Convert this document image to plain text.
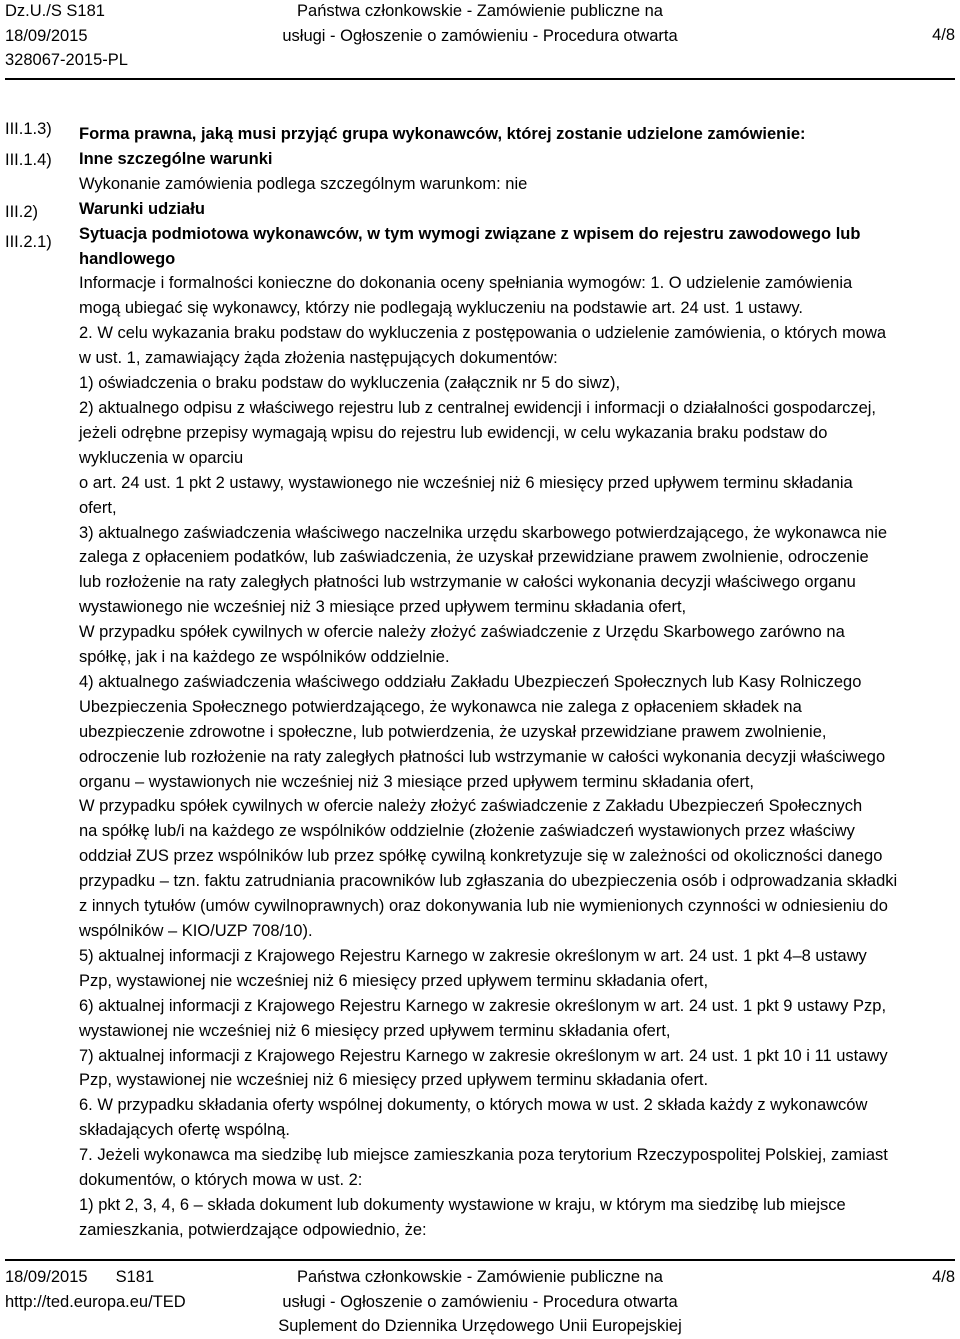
Dz.U./S S181
18/09/2015
328067-2015-PL
Państwa członkowskie - Zamówienie publiczne na
usługi - Ogłoszenie o zamówieniu - Procedura otwarta	4/8
III.1.3)
III.1.4)
III.2)
III.2.1)
Forma prawna, jaką musi przyjąć grupa wykonawców, której zostanie udzielone zamówienie:
Inne szczególne warunki
Wykonanie zamówienia podlega szczególnym warunkom: nie
Warunki udziału
Sytuacja podmiotowa wykonawców, w tym wymogi związane z wpisem do rejestru zawodowego lub
handlowego
Informacje i formalności konieczne do dokonania oceny spełniania wymogów: 1. O udzielenie zamówienia
mogą ubiegać się wykonawcy, którzy nie podlegają wykluczeniu na podstawie art. 24 ust. 1 ustawy.
2. W celu wykazania braku podstaw do wykluczenia z postępowania o udzielenie zamówienia, o których mowa
w ust. 1, zamawiający żąda złożenia następujących dokumentów:
1) oświadczenia o braku podstaw do wykluczenia (załącznik nr 5 do siwz),
2) aktualnego odpisu z właściwego rejestru lub z centralnej ewidencji i informacji o działalności gospodarczej,
jeżeli odrębne przepisy wymagają wpisu do rejestru lub ewidencji, w celu wykazania braku podstaw do
wykluczenia w oparciu
o art. 24 ust. 1 pkt 2 ustawy, wystawionego nie wcześniej niż 6 miesięcy przed upływem terminu składania
ofert,
3) aktualnego zaświadczenia właściwego naczelnika urzędu skarbowego potwierdzającego, że wykonawca nie
zalega z opłaceniem podatków, lub zaświadczenia, że uzyskał przewidziane prawem zwolnienie, odroczenie
lub rozłożenie na raty zaległych płatności lub wstrzymanie w całości wykonania decyzji właściwego organu
wystawionego nie wcześniej niż 3 miesiące przed upływem terminu składania ofert,
W przypadku spółek cywilnych w ofercie należy złożyć zaświadczenie z Urzędu Skarbowego zarówno na
spółkę, jak i na każdego ze wspólników oddzielnie.
4) aktualnego zaświadczenia właściwego oddziału Zakładu Ubezpieczeń Społecznych lub Kasy Rolniczego
Ubezpieczenia Społecznego potwierdzającego, że wykonawca nie zalega z opłaceniem składek na
ubezpieczenie zdrowotne i społeczne, lub potwierdzenia, że uzyskał przewidziane prawem zwolnienie,
odroczenie lub rozłożenie na raty zaległych płatności lub wstrzymanie w całości wykonania decyzji właściwego
organu – wystawionych nie wcześniej niż 3 miesiące przed upływem terminu składania ofert,
W przypadku spółek cywilnych w ofercie należy złożyć zaświadczenie z Zakładu Ubezpieczeń Społecznych
na spółkę lub/i na każdego ze wspólników oddzielnie (złożenie zaświadczeń wystawionych przez właściwy
oddział ZUS przez wspólników lub przez spółkę cywilną konkretyzuje się w zależności od okoliczności danego
przypadku – tzn. faktu zatrudniania pracowników lub zgłaszania do ubezpieczenia osób i odprowadzania składki
z innych tytułów (umów cywilnoprawnych) oraz dokonywania lub nie wymienionych czynności w odniesieniu do
wspólników – KIO/UZP 708/10).
5) aktualnej informacji z Krajowego Rejestru Karnego w zakresie określonym w art. 24 ust. 1 pkt 4–8 ustawy
Pzp, wystawionej nie wcześniej niż 6 miesięcy przed upływem terminu składania ofert,
6) aktualnej informacji z Krajowego Rejestru Karnego w zakresie określonym w art. 24 ust. 1 pkt 9 ustawy Pzp,
wystawionej nie wcześniej niż 6 miesięcy przed upływem terminu składania ofert,
7) aktualnej informacji z Krajowego Rejestru Karnego w zakresie określonym w art. 24 ust. 1 pkt 10 i 11 ustawy
Pzp, wystawionej nie wcześniej niż 6 miesięcy przed upływem terminu składania ofert.
6. W przypadku składania oferty wspólnej dokumenty, o których mowa w ust. 2 składa każdy z wykonawców
składających ofertę wspólną.
7. Jeżeli wykonawca ma siedzibę lub miejsce zamieszkania poza terytorium Rzeczypospolitej Polskiej, zamiast
dokumentów, o których mowa w ust. 2:
1) pkt 2, 3, 4, 6 – składa dokument lub dokumenty wystawione w kraju, w którym ma siedzibę lub miejsce
zamieszkania, potwierdzające odpowiednio, że:
18/09/2015 S181
http://ted.europa.eu/TED
Państwa członkowskie - Zamówienie publiczne na
usługi - Ogłoszenie o zamówieniu - Procedura otwarta
Suplement do Dziennika Urzędowego Unii Europejskiej
4/8
